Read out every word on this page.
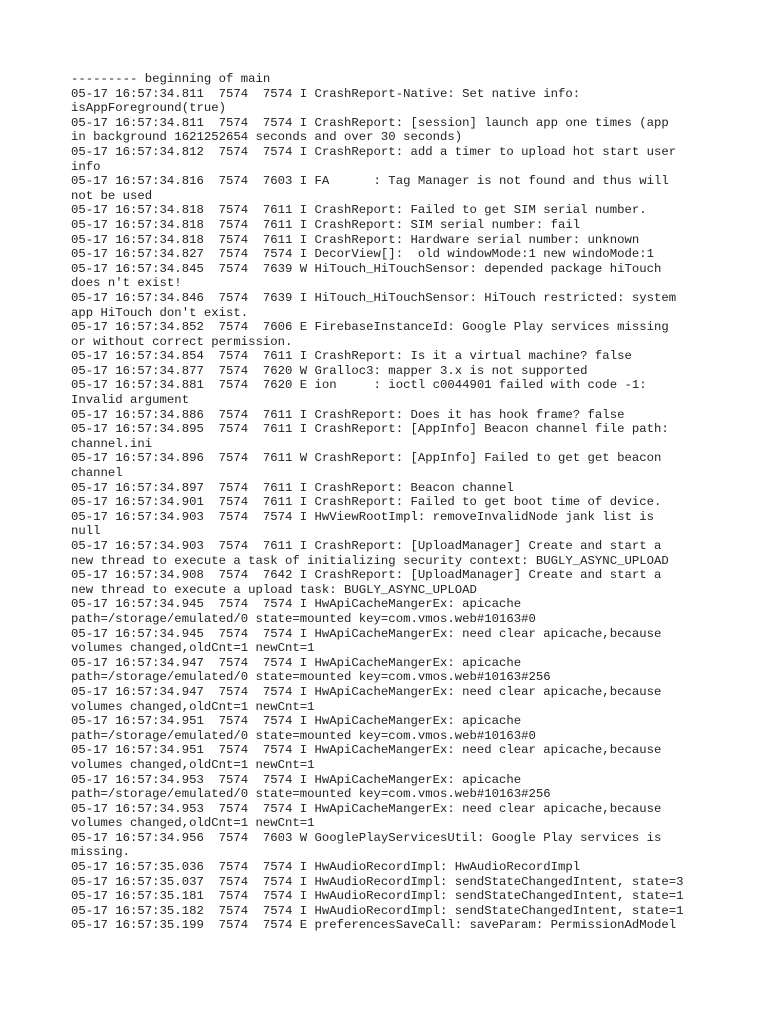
--------- beginning of main
05-17 16:57:34.811  7574  7574 I CrashReport-Native: Set native info:
isAppForeground(true)
05-17 16:57:34.811  7574  7574 I CrashReport: [session] launch app one times (app
in background 1621252654 seconds and over 30 seconds)
05-17 16:57:34.812  7574  7574 I CrashReport: add a timer to upload hot start user
info
05-17 16:57:34.816  7574  7603 I FA      : Tag Manager is not found and thus will
not be used
05-17 16:57:34.818  7574  7611 I CrashReport: Failed to get SIM serial number.
05-17 16:57:34.818  7574  7611 I CrashReport: SIM serial number: fail
05-17 16:57:34.818  7574  7611 I CrashReport: Hardware serial number: unknown
05-17 16:57:34.827  7574  7574 I DecorView[]:  old windowMode:1 new windoMode:1
05-17 16:57:34.845  7574  7639 W HiTouch_HiTouchSensor: depended package hiTouch
does n't exist!
05-17 16:57:34.846  7574  7639 I HiTouch_HiTouchSensor: HiTouch restricted: system
app HiTouch don't exist.
05-17 16:57:34.852  7574  7606 E FirebaseInstanceId: Google Play services missing
or without correct permission.
05-17 16:57:34.854  7574  7611 I CrashReport: Is it a virtual machine? false
05-17 16:57:34.877  7574  7620 W Gralloc3: mapper 3.x is not supported
05-17 16:57:34.881  7574  7620 E ion     : ioctl c0044901 failed with code -1:
Invalid argument
05-17 16:57:34.886  7574  7611 I CrashReport: Does it has hook frame? false
05-17 16:57:34.895  7574  7611 I CrashReport: [AppInfo] Beacon channel file path:
channel.ini
05-17 16:57:34.896  7574  7611 W CrashReport: [AppInfo] Failed to get get beacon
channel
05-17 16:57:34.897  7574  7611 I CrashReport: Beacon channel
05-17 16:57:34.901  7574  7611 I CrashReport: Failed to get boot time of device.
05-17 16:57:34.903  7574  7574 I HwViewRootImpl: removeInvalidNode jank list is
null
05-17 16:57:34.903  7574  7611 I CrashReport: [UploadManager] Create and start a
new thread to execute a task of initializing security context: BUGLY_ASYNC_UPLOAD
05-17 16:57:34.908  7574  7642 I CrashReport: [UploadManager] Create and start a
new thread to execute a upload task: BUGLY_ASYNC_UPLOAD
05-17 16:57:34.945  7574  7574 I HwApiCacheMangerEx: apicache
path=/storage/emulated/0 state=mounted key=com.vmos.web#10163#0
05-17 16:57:34.945  7574  7574 I HwApiCacheMangerEx: need clear apicache,because
volumes changed,oldCnt=1 newCnt=1
05-17 16:57:34.947  7574  7574 I HwApiCacheMangerEx: apicache
path=/storage/emulated/0 state=mounted key=com.vmos.web#10163#256
05-17 16:57:34.947  7574  7574 I HwApiCacheMangerEx: need clear apicache,because
volumes changed,oldCnt=1 newCnt=1
05-17 16:57:34.951  7574  7574 I HwApiCacheMangerEx: apicache
path=/storage/emulated/0 state=mounted key=com.vmos.web#10163#0
05-17 16:57:34.951  7574  7574 I HwApiCacheMangerEx: need clear apicache,because
volumes changed,oldCnt=1 newCnt=1
05-17 16:57:34.953  7574  7574 I HwApiCacheMangerEx: apicache
path=/storage/emulated/0 state=mounted key=com.vmos.web#10163#256
05-17 16:57:34.953  7574  7574 I HwApiCacheMangerEx: need clear apicache,because
volumes changed,oldCnt=1 newCnt=1
05-17 16:57:34.956  7574  7603 W GooglePlayServicesUtil: Google Play services is
missing.
05-17 16:57:35.036  7574  7574 I HwAudioRecordImpl: HwAudioRecordImpl
05-17 16:57:35.037  7574  7574 I HwAudioRecordImpl: sendStateChangedIntent, state=3
05-17 16:57:35.181  7574  7574 I HwAudioRecordImpl: sendStateChangedIntent, state=1
05-17 16:57:35.182  7574  7574 I HwAudioRecordImpl: sendStateChangedIntent, state=1
05-17 16:57:35.199  7574  7574 E preferencesSaveCall: saveParam: PermissionAdModel
